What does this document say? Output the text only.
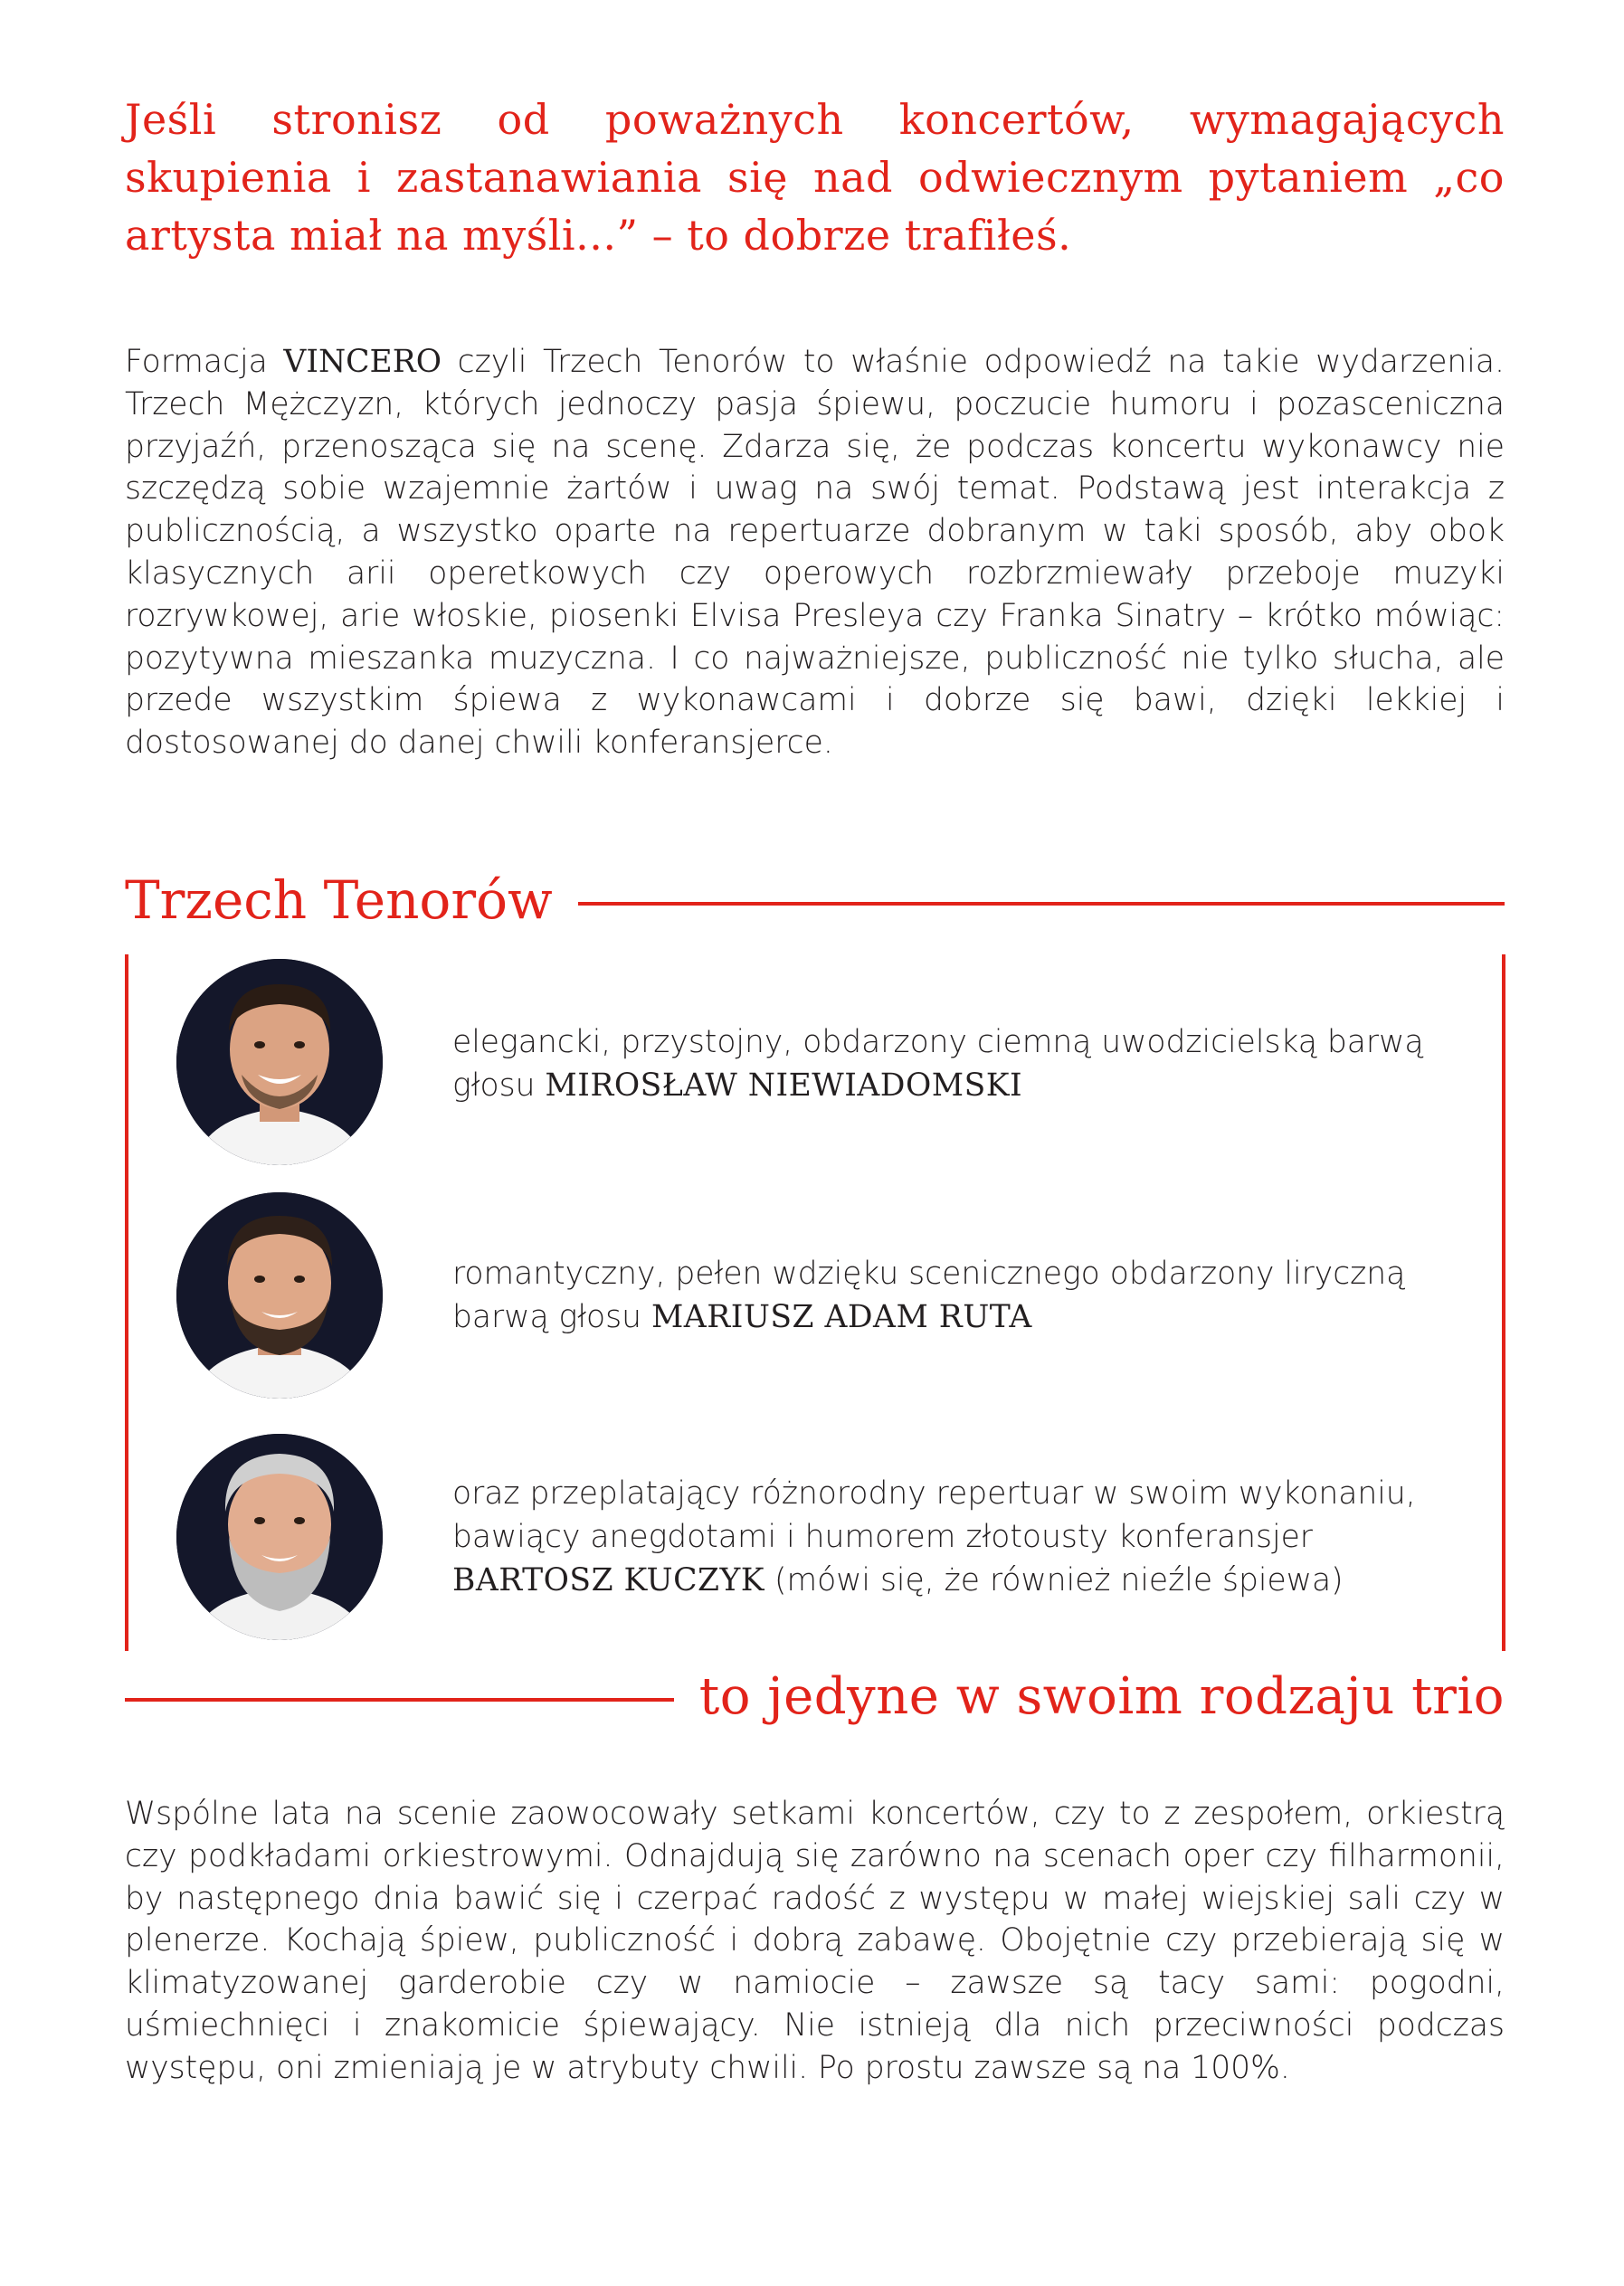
Jeśli stronisz od poważnych koncertów, wymagających skupienia i zastanawiania się nad odwiecznym pytaniem „co artysta miał na myśli...” – to dobrze trafiłeś.
Formacja VINCERO czyli Trzech Tenorów to właśnie odpowiedź na takie wydarzenia. Trzech Mężczyzn, których jednoczy pasja śpiewu, poczucie humoru i pozasceniczna przyjaźń, przenosząca się na scenę. Zdarza się, że podczas koncertu wykonawcy nie szczędzą sobie wzajemnie żartów i uwag na swój temat. Podstawą jest interakcja z publicznością, a wszystko oparte na repertuarze dobranym w taki sposób, aby obok klasycznych arii operetkowych czy operowych rozbrzmiewały przeboje muzyki rozrywkowej, arie włoskie, piosenki Elvisa Presleya czy Franka Sinatry – krótko mówiąc: pozytywna mieszanka muzyczna. I co najważniejsze, publiczność nie tylko słucha, ale przede wszystkim śpiewa z wykonawcami i dobrze się bawi, dzięki lekkiej i dostosowanej do danej chwili konferansjerce.
Trzech Tenorów
elegancki, przystojny, obdarzony ciemną uwodzicielską barwą głosu MIROSŁAW NIEWIADOMSKI
romantyczny, pełen wdzięku scenicznego obdarzony liryczną barwą głosu MARIUSZ ADAM RUTA
oraz przeplatający różnorodny repertuar w swoim wykonaniu, bawiący anegdotami i humorem złotousty konferansjer BARTOSZ KUCZYK (mówi się, że również nieźle śpiewa)
to jedyne w swoim rodzaju trio
Wspólne lata na scenie zaowocowały setkami koncertów, czy to z zespołem, orkiestrą czy podkładami orkiestrowymi. Odnajdują się zarówno na scenach oper czy filharmonii, by następnego dnia bawić się i czerpać radość z występu w małej wiejskiej sali czy w plenerze. Kochają śpiew, publiczność i dobrą zabawę. Obojętnie czy przebierają się w klimatyzowanej garderobie czy w namiocie – zawsze są tacy sami: pogodni, uśmiechnięci i znakomicie śpiewający. Nie istnieją dla nich przeciwności podczas występu, oni zmieniają je w atrybuty chwili. Po prostu zawsze są na 100%.
